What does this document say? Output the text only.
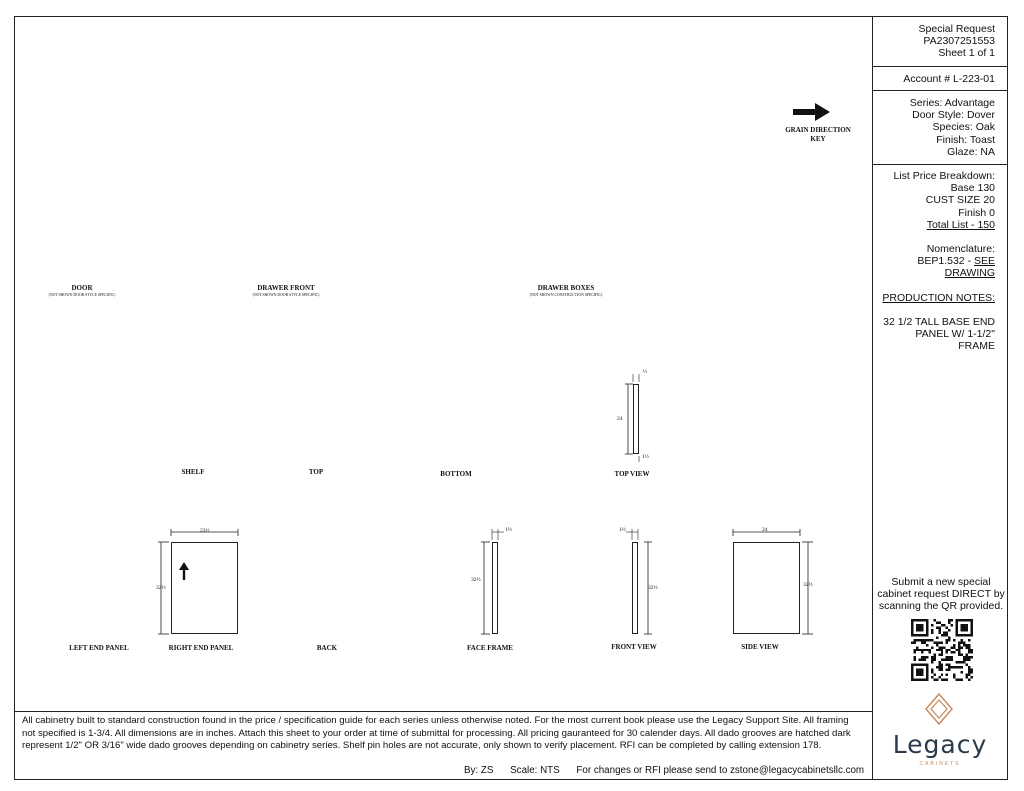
GRAIN DIRECTION
KEY
DOOR
(NOT SHOWN DOOR STYLE SPECIFIC)
DRAWER FRONT
(NOT SHOWN DOOR STYLE SPECIFIC)
DRAWER BOXES
(NOT SHOWN CONSTRUCTION SPECIFIC)
24
½
1½
SHELF	TOP	BOTTOM	TOP VIEW
23½
32½
1½
32½
1½
32½
24
32½
LEFT END PANEL	RIGHT END PANEL	BACK	FACE FRAME	FRONT VIEW	SIDE VIEW
Special Request
PA2307251553
Sheet 1 of 1
Account # L-223-01
Series: Advantage
Door Style: Dover
Species: Oak
Finish: Toast
Glaze: NA
List Price Breakdown:
Base 130
CUST SIZE 20
Finish 0
Total List - 150
Nomenclature:
BEP1.532 - SEE
DRAWING
PRODUCTION NOTES:
32 1/2 TALL BASE END
PANEL W/ 1-1/2" FRAME
Submit a new special
cabinet request DIRECT by
scanning the QR provided.
Legacy
CABINETS
All cabinetry built to standard construction found in the price / specification guide for each series unless otherwise noted. For the most current book please use the Legacy Support Site. All framing not specified is 1-3/4. All dimensions are in inches. Attach this sheet to your order at time of submittal for processing. All pricing gauranteed for 30 calender days. All dado grooves are hatched dark represent 1/2" OR 3/16" wide dado grooves depending on cabinetry series. Shelf pin holes are not accurate, only shown to verify placement. RFI can be completed by calling extension 178.
By: ZS Scale: NTS For changes or RFI please send to zstone@legacycabinetsllc.com
